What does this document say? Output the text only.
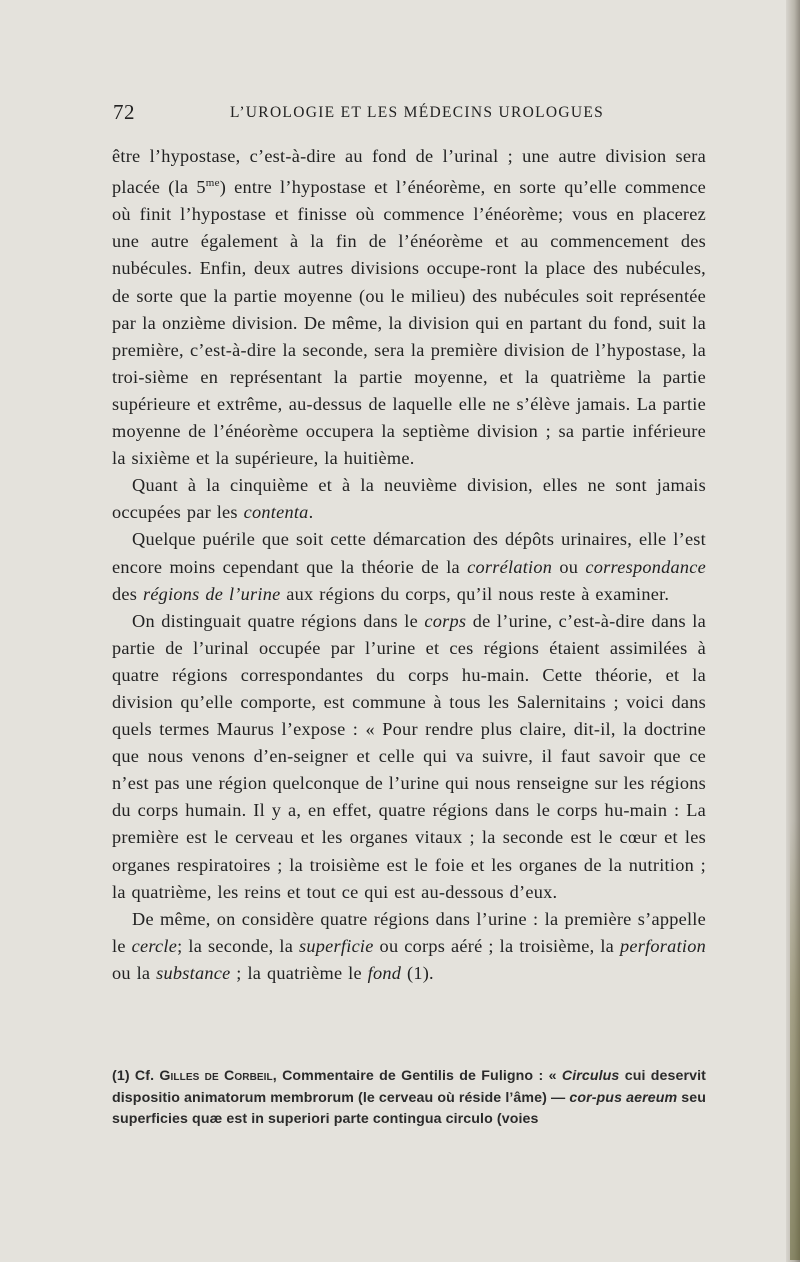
72	L’UROLOGIE ET LES MÉDECINS UROLOGUES

être l’hypostase, c’est-à-dire au fond de l’urinal ; une autre division sera placée (la $5^{me}$) entre l’hypostase et l’énéorème, en sorte qu’elle commence où finit l’hypostase et finisse où commence l’énéorème; vous en placerez une autre également à la fin de l’énéorème et au commencement des nubécules. Enfin, deux autres divisions occupe-ront la place des nubécules, de sorte que la partie moyenne (ou le milieu) des nubécules soit représentée par la onzième division. De même, la division qui en partant du fond, suit la première, c’est-à-dire la seconde, sera la première division de l’hypostase, la troi-sième en représentant la partie moyenne, et la quatrième la partie supérieure et extrême, au-dessus de laquelle elle ne s’élève jamais. La partie moyenne de l’énéorème occupera la septième division ; sa partie inférieure la sixième et la supérieure, la huitième.

Quant à la cinquième et à la neuvième division, elles ne sont jamais occupées par les contenta.

Quelque puérile que soit cette démarcation des dépôts urinaires, elle l’est encore moins cependant que la théorie de la corrélation ou correspondance des régions de l’urine aux régions du corps, qu’il nous reste à examiner.

On distinguait quatre régions dans le corps de l’urine, c’est-à-dire dans la partie de l’urinal occupée par l’urine et ces régions étaient assimilées à quatre régions correspondantes du corps hu-main. Cette théorie, et la division qu’elle comporte, est commune à tous les Salernitains ; voici dans quels termes Maurus l’expose : « Pour rendre plus claire, dit-il, la doctrine que nous venons d’en-seigner et celle qui va suivre, il faut savoir que ce n’est pas une région quelconque de l’urine qui nous renseigne sur les régions du corps humain. Il y a, en effet, quatre régions dans le corps hu-main : La première est le cerveau et les organes vitaux ; la seconde est le cœur et les organes respiratoires ; la troisième est le foie et les organes de la nutrition ; la quatrième, les reins et tout ce qui est au-dessous d’eux.

De même, on considère quatre régions dans l’urine : la première s’appelle le cercle; la seconde, la superficie ou corps aéré ; la troisième, la perforation ou la substance ; la quatrième le fond (1).

(1) Cf. Gilles de Corbeil, Commentaire de Gentilis de Fuligno : « Circulus cui deservit dispositio animatorum membrorum (le cerveau où réside l’âme) — cor-pus aereum seu superficies quæ est in superiori parte contingua circulo (voies
